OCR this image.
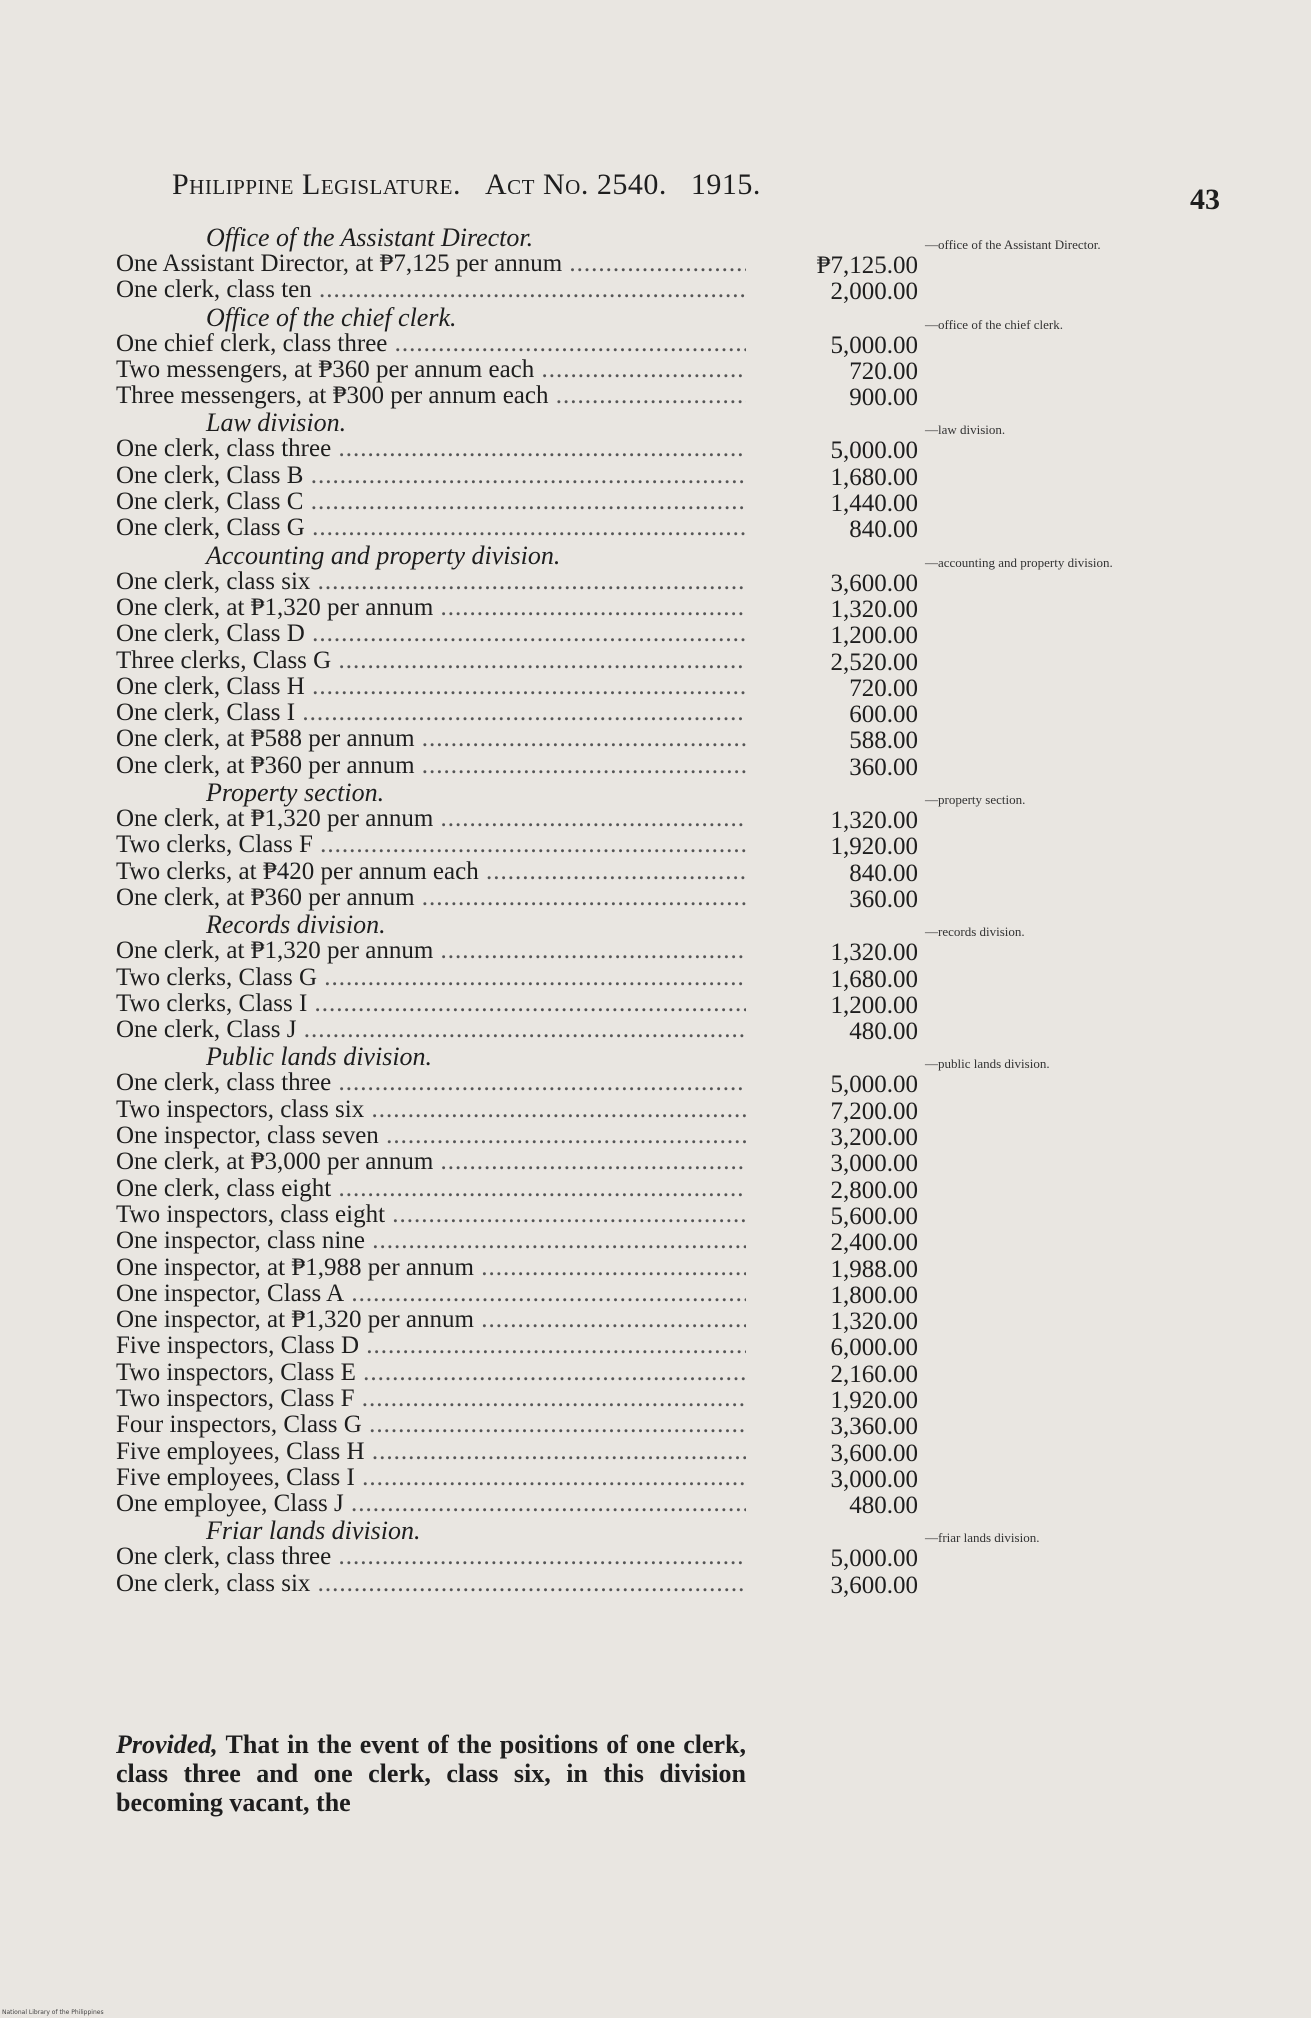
Philippine Legislature. Act No. 2540. 1915.	43
Office of the Assistant Director.
One Assistant Director, at ₱7,125 per annum .....	₱7,125.00
One clerk, class ten .....	2,000.00
Office of the chief clerk.
One chief clerk, class three .....	5,000.00
Two messengers, at ₱360 per annum each .....	720.00
Three messengers, at ₱300 per annum each .....	900.00
Law division.
One clerk, class three .....	5,000.00
One clerk, Class B .....	1,680.00
One clerk, Class C .....	1,440.00
One clerk, Class G .....	840.00
Accounting and property division.
One clerk, class six .....	3,600.00
One clerk, at ₱1,320 per annum .....	1,320.00
One clerk, Class D .....	1,200.00
Three clerks, Class G .....	2,520.00
One clerk, Class H .....	720.00
One clerk, Class I .....	600.00
One clerk, at ₱588 per annum .....	588.00
One clerk, at ₱360 per annum .....	360.00
Property section.
One clerk, at ₱1,320 per annum .....	1,320.00
Two clerks, Class F .....	1,920.00
Two clerks, at ₱420 per annum each .....	840.00
One clerk, at ₱360 per annum .....	360.00
Records division.
One clerk, at ₱1,320 per annum .....	1,320.00
Two clerks, Class G .....	1,680.00
Two clerks, Class I .....	1,200.00
One clerk, Class J .....	480.00
Public lands division.
One clerk, class three .....	5,000.00
Two inspectors, class six .....	7,200.00
One inspector, class seven .....	3,200.00
One clerk, at ₱3,000 per annum .....	3,000.00
One clerk, class eight .....	2,800.00
Two inspectors, class eight .....	5,600.00
One inspector, class nine .....	2,400.00
One inspector, at ₱1,988 per annum .....	1,988.00
One inspector, Class A .....	1,800.00
One inspector, at ₱1,320 per annum .....	1,320.00
Five inspectors, Class D .....	6,000.00
Two inspectors, Class E .....	2,160.00
Two inspectors, Class F .....	1,920.00
Four inspectors, Class G .....	3,360.00
Five employees, Class H .....	3,600.00
Five employees, Class I .....	3,000.00
One employee, Class J .....	480.00
Friar lands division.
One clerk, class three .....	5,000.00
One clerk, class six .....	3,600.00
—office of the Assistant Director.
—office of the chief clerk.
—law division.
—accounting and property division.
—property section.
—records division.
—public lands division.
—friar lands division.
Provided, That in the event of the positions of one clerk, class three and one clerk, class six, in this division becoming vacant, the
National Library of the Philippines
